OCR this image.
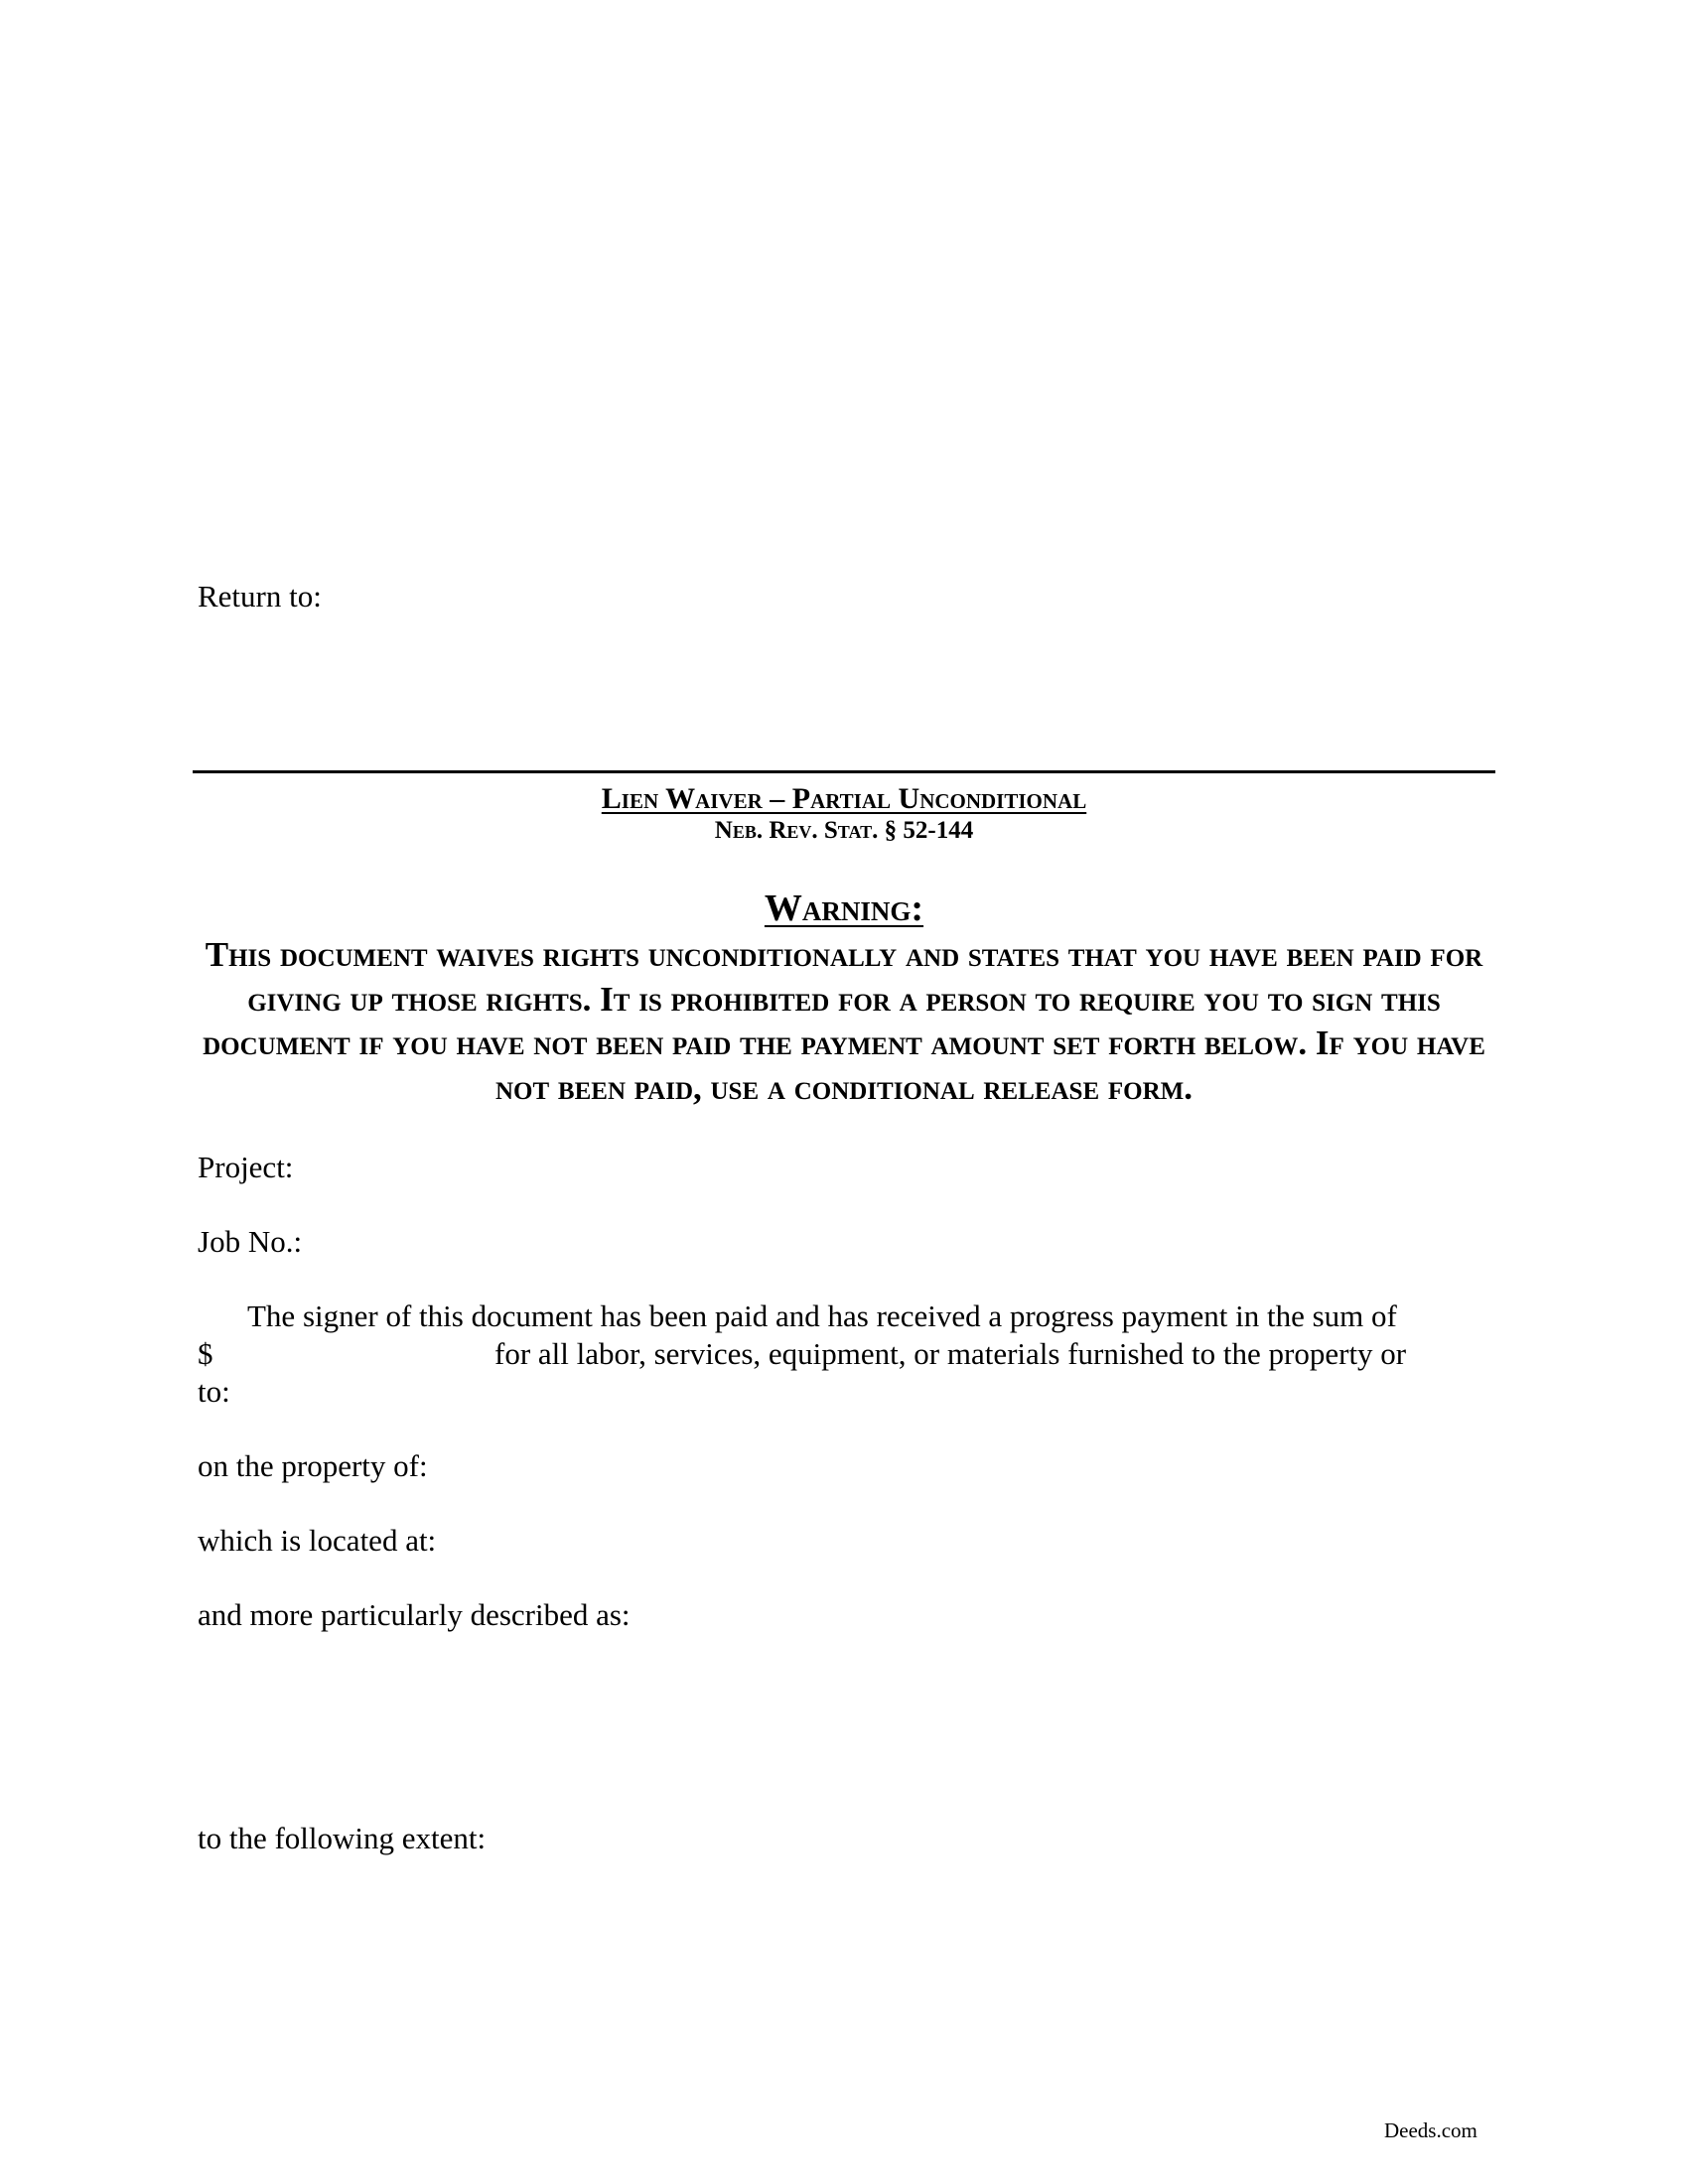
Return to:
Lien Waiver – Partial Unconditional
Neb. Rev. Stat. § 52-144
Warning:
This document waives rights unconditionally and states that you have been paid for giving up those rights. It is prohibited for a person to require you to sign this document if you have not been paid the payment amount set forth below. If you have not been paid, use a conditional release form.
Project:
Job No.:
The signer of this document has been paid and has received a progress payment in the sum of
$	for all labor, services, equipment, or materials furnished to the property or
to:
on the property of:
which is located at:
and more particularly described as:
to the following extent:
Deeds.com
